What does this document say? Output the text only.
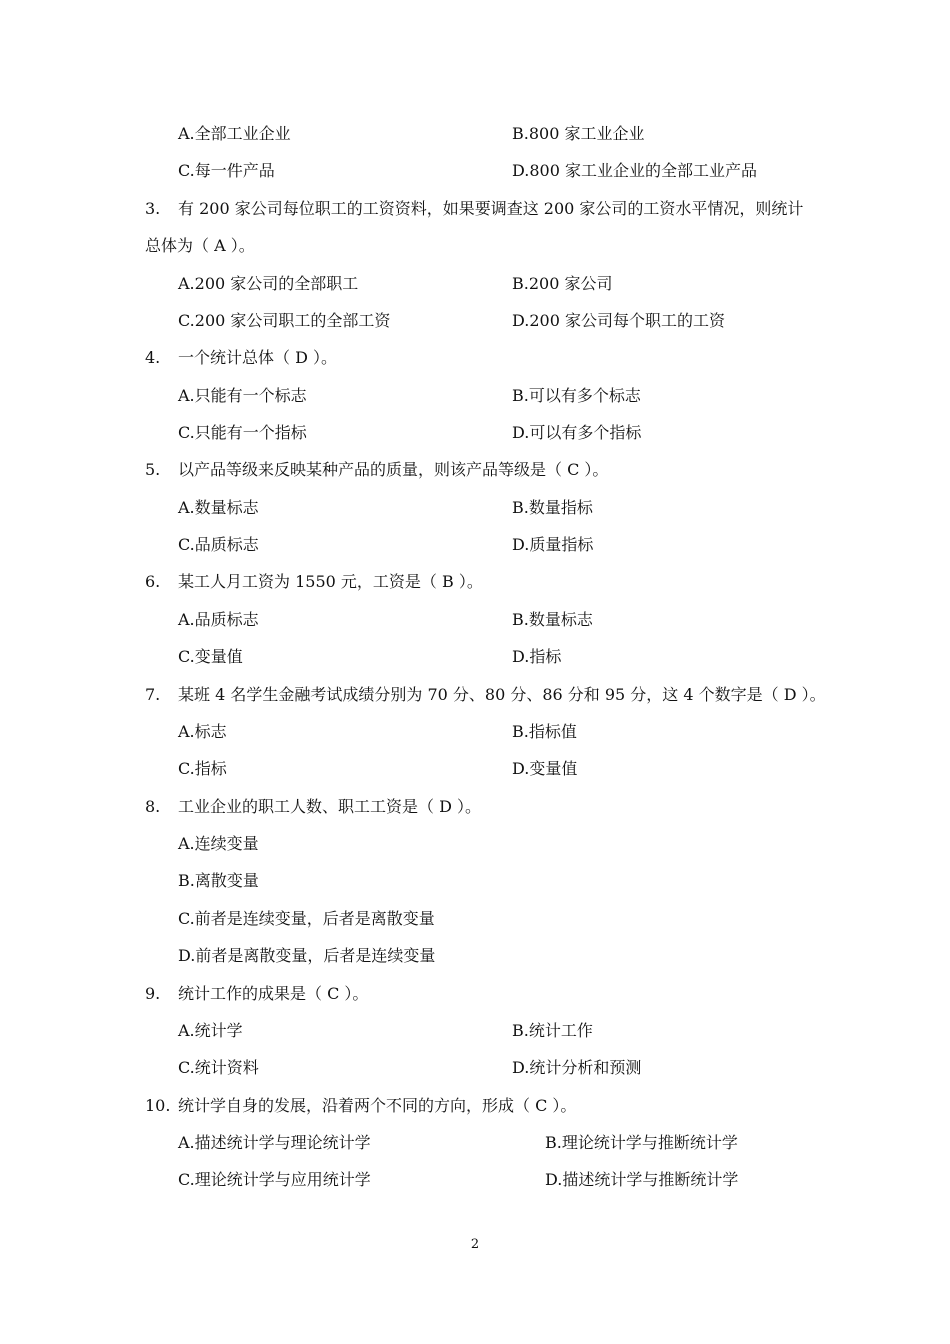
A.全部工业企业	B.800 家工业企业
C.每一件产品	D.800 家工业企业的全部工业产品
3. 有 200 家公司每位职工的工资资料，如果要调查这 200 家公司的工资水平情况，则统计
总体为（ A ）。
A.200 家公司的全部职工	B.200 家公司
C.200 家公司职工的全部工资	D.200 家公司每个职工的工资
4. 一个统计总体（ D ）。
A.只能有一个标志	B.可以有多个标志
C.只能有一个指标	D.可以有多个指标
5. 以产品等级来反映某种产品的质量，则该产品等级是（ C ）。
A.数量标志	B.数量指标
C.品质标志	D.质量指标
6. 某工人月工资为 1550 元，工资是（ B ）。
A.品质标志	B.数量标志
C.变量值	D.指标
7. 某班 4 名学生金融考试成绩分别为 70 分、80 分、86 分和 95 分，这 4 个数字是（ D ）。
A.标志	B.指标值
C.指标	D.变量值
8. 工业企业的职工人数、职工工资是（ D ）。
A.连续变量
B.离散变量
C.前者是连续变量，后者是离散变量
D.前者是离散变量，后者是连续变量
9. 统计工作的成果是（ C ）。
A.统计学	B.统计工作
C.统计资料	D.统计分析和预测
10. 统计学自身的发展，沿着两个不同的方向，形成（ C ）。
A.描述统计学与理论统计学	B.理论统计学与推断统计学
C.理论统计学与应用统计学	D.描述统计学与推断统计学
2
